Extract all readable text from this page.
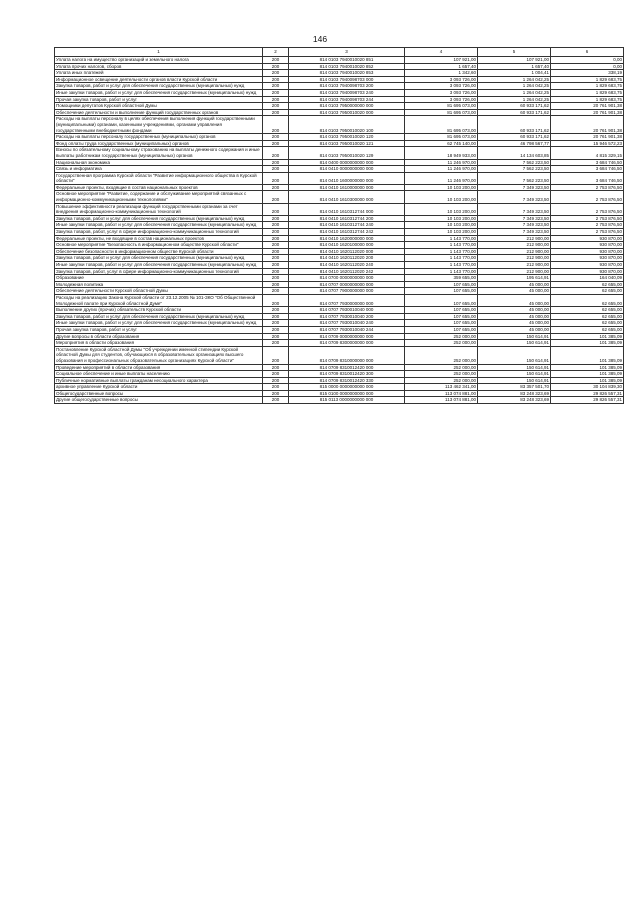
146
1	2	3	4	5	6
Уплата налога на имущество организаций и земельного налога	200	814 0103 7940010020 851	107 921,00	107 921,00	0,00
Уплата прочих налогов, сборов	200	814 0103 7940010020 852	1 657,40	1 657,40	0,00
Уплата иных платежей	200	814 0103 7940010020 853	1 342,60	1 004,41	338,19
Информационное освещение деятельности органов власти Курской области	200	814 0103 7940098703 000	3 093 726,00	1 264 042,25	1 829 683,75
Закупка товаров, работ и услуг для обеспечения государственных (муниципальных) нужд	200	814 0103 7940098703 200	3 093 726,00	1 264 042,25	1 829 683,75
Иные закупки товаров, работ и услуг для обеспечения государственных (муниципальных) нужд	200	814 0103 7940098703 240	3 093 726,00	1 264 042,25	1 829 683,75
Прочая закупка товаров, работ и услуг	200	814 0103 7940098703 244	3 093 726,00	1 264 042,25	1 829 683,75
Помощники депутатов Курской областной Думы	200	814 0103 7950000000 000	81 695 073,00	60 933 171,62	20 761 901,38
Обеспечение деятельности и выполнение функций государственных органов	200	814 0103 7950010020 000	81 695 073,00	60 933 171,62	20 761 901,38
Расходы на выплаты персоналу в целях обеспечения выполнения функций государственными (муниципальными) органами, казенными учреждениями, органами управления государственными внебюджетными фондами	200	814 0103 7950010020 100	81 695 073,00	60 933 171,62	20 761 901,38
Расходы на выплаты персоналу государственных (муниципальных) органов	200	814 0103 7950010020 120	81 695 073,00	60 933 171,62	20 761 901,38
Фонд оплаты труда государственных (муниципальных) органов	200	814 0103 7950010020 121	62 745 140,00	46 798 567,77	15 946 572,23
Взносы по обязательному социальному страхованию на выплаты денежного содержания и иные выплаты работникам государственных (муниципальных) органов	200	814 0103 7950010020 129	18 949 933,00	14 134 603,85	4 815 329,15
Национальная экономика	200	814 0400 0000000000 000	11 246 970,00	7 562 223,50	3 684 746,50
Связь и информатика	200	814 0410 0000000000 000	11 246 970,00	7 562 223,50	3 684 746,50
Государственная программа Курской области "Развитие информационного общества в Курской области"	200	814 0410 1600000000 000	11 246 970,00	7 562 223,50	3 684 746,50
Федеральные проекты, входящие в состав национальных проектов	200	814 0410 1610000000 000	10 103 200,00	7 349 323,50	2 753 876,50
Основное мероприятие "Развитие, содержание и обслуживание мероприятий связанных с информационно-коммуникационными технологиями"	200	814 0410 1610300000 000	10 103 200,00	7 349 323,50	2 753 876,50
Повышение эффективности реализации функций государственными органами за счет внедрения информационно-коммуникационных технологий	200	814 0410 1610312744 000	10 103 200,00	7 349 323,50	2 753 876,50
Закупка товаров, работ и услуг для обеспечения государственных (муниципальных) нужд	200	814 0410 1610312744 200	10 103 200,00	7 349 323,50	2 753 876,50
Иные закупки товаров, работ и услуг для обеспечения государственных (муниципальных) нужд	200	814 0410 1610312744 240	10 103 200,00	7 349 323,50	2 753 876,50
Закупка товаров, работ, услуг в сфере информационно-коммуникационных технологий	200	814 0410 1610312744 242	10 103 200,00	7 349 323,50	2 753 876,50
Федеральные проекты, не входящие в состав национальных проектов	200	814 0410 1620000000 000	1 143 770,00	212 900,00	930 870,00
Основное мероприятие "Безопасность в информационном обществе Курской области"	200	814 0410 1620100000 000	1 143 770,00	212 900,00	930 870,00
Обеспечение безопасности в информационном обществе Курской области	200	814 0410 1620112020 000	1 143 770,00	212 900,00	930 870,00
Закупка товаров, работ и услуг для обеспечения государственных (муниципальных) нужд	200	814 0410 1620112020 200	1 143 770,00	212 900,00	930 870,00
Иные закупки товаров, работ и услуг для обеспечения государственных (муниципальных) нужд	200	814 0410 1620112020 240	1 143 770,00	212 900,00	930 870,00
Закупка товаров, работ, услуг в сфере информационно-коммуникационных технологий	200	814 0410 1620112020 242	1 143 770,00	212 900,00	930 870,00
Образование	200	814 0700 0000000000 000	359 655,00	195 614,91	164 040,09
Молодежная политика	200	814 0707 0000000000 000	107 655,00	45 000,00	62 655,00
Обеспечение деятельности Курской областной Думы	200	814 0707 7900000000 000	107 655,00	45 000,00	62 655,00
Расходы на реализацию Закона Курской области от 23.12.2005 № 101-ЗКО "Об Общественной Молодежной палате при Курской областной Думе"	200	814 0707 7930000000 000	107 655,00	45 000,00	62 655,00
Выполнение других (прочих) обязательств Курской области	200	814 0707 7930010040 000	107 655,00	45 000,00	62 655,00
Закупка товаров, работ и услуг для обеспечения государственных (муниципальных) нужд	200	814 0707 7930010040 200	107 655,00	45 000,00	62 655,00
Иные закупки товаров, работ и услуг для обеспечения государственных (муниципальных) нужд	200	814 0707 7930010040 240	107 655,00	45 000,00	62 655,00
Прочая закупка товаров, работ и услуг	200	814 0707 7930010040 244	107 655,00	45 000,00	62 655,00
Другие вопросы в области образования	200	814 0709 0000000000 000	252 000,00	150 614,91	101 385,09
Мероприятия в области образования	200	814 0709 8300000000 000	252 000,00	150 614,91	101 385,09
Постановление Курской областной Думы "Об учреждении именной стипендии Курской областной Думы для студентов, обучающихся в образовательных организациях высшего образования и профессиональных образовательных организациях Курской области"	200	814 0709 8310000000 000	252 000,00	150 614,91	101 385,09
Проведение мероприятий в области образования	200	814 0709 8310012420 000	252 000,00	150 614,91	101 385,09
Социальное обеспечение и иные выплаты населению	200	814 0709 8310012420 300	252 000,00	150 614,91	101 385,09
Публичные нормативные выплаты гражданам несоциального характера	200	814 0709 8310012420 330	252 000,00	150 614,91	101 385,09
архивное управление Курской области	200	815 0000 0000000000 000	113 462 341,00	83 357 501,70	30 104 839,30
Общегосударственные вопросы	200	815 0100 0000000000 000	113 074 881,00	83 248 323,69	29 826 557,31
Другие общегосударственные вопросы	200	815 0113 0000000000 000	113 074 881,00	83 248 323,69	29 826 557,31
